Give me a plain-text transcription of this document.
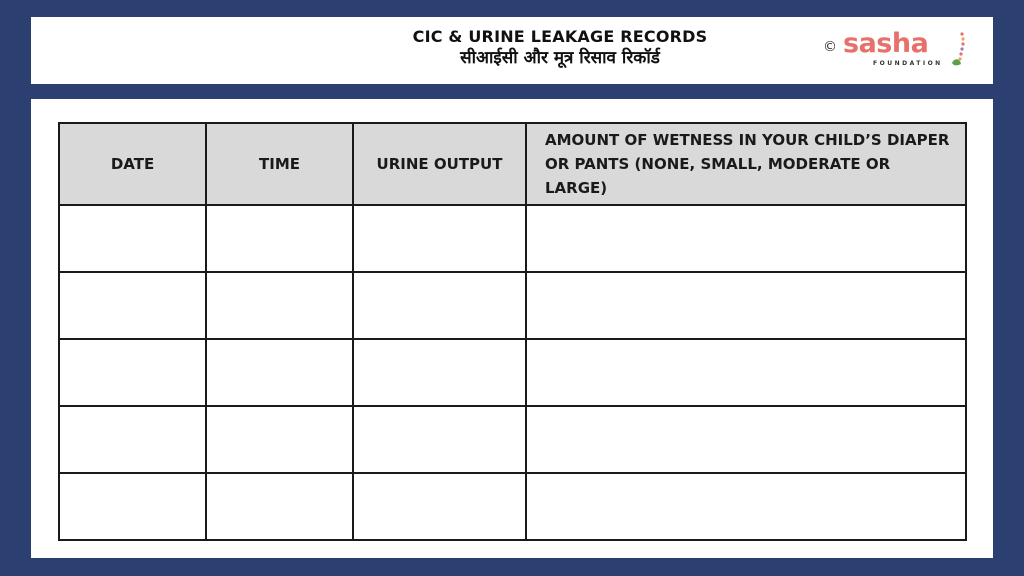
CIC & URINE LEAKAGE RECORDS
सीआईसी और मूत्र रिसाव रिकॉर्ड
© sasha
FOUNDATION
DATE	TIME	URINE OUTPUT	AMOUNT OF WETNESS IN YOUR CHILD’S DIAPER OR PANTS (NONE, SMALL, MODERATE OR LARGE)
